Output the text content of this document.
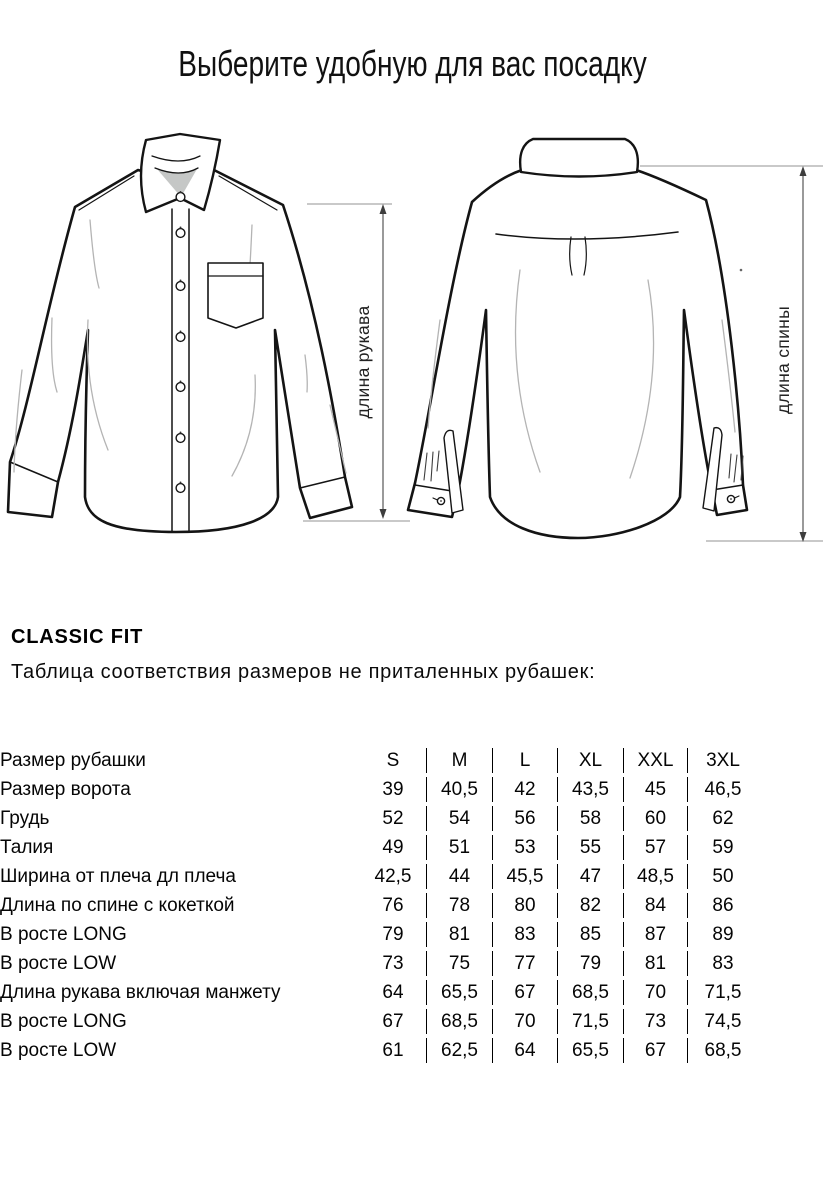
Выберите удобную для вас посадку
длина рукава	длина спины
CLASSIC FIT
Таблица соответствия размеров не приталенных рубашек:
Размер рубашки	S	M	L	XL	XXL	3XL
Размер ворота	39	40,5	42	43,5	45	46,5
Грудь	52	54	56	58	60	62
Талия	49	51	53	55	57	59
Ширина от плеча дл плеча	42,5	44	45,5	47	48,5	50
Длина по спине с кокеткой	76	78	80	82	84	86
В росте LONG	79	81	83	85	87	89
В росте LOW	73	75	77	79	81	83
Длина рукава включая манжету	64	65,5	67	68,5	70	71,5
В росте LONG	67	68,5	70	71,5	73	74,5
В росте LOW	61	62,5	64	65,5	67	68,5
